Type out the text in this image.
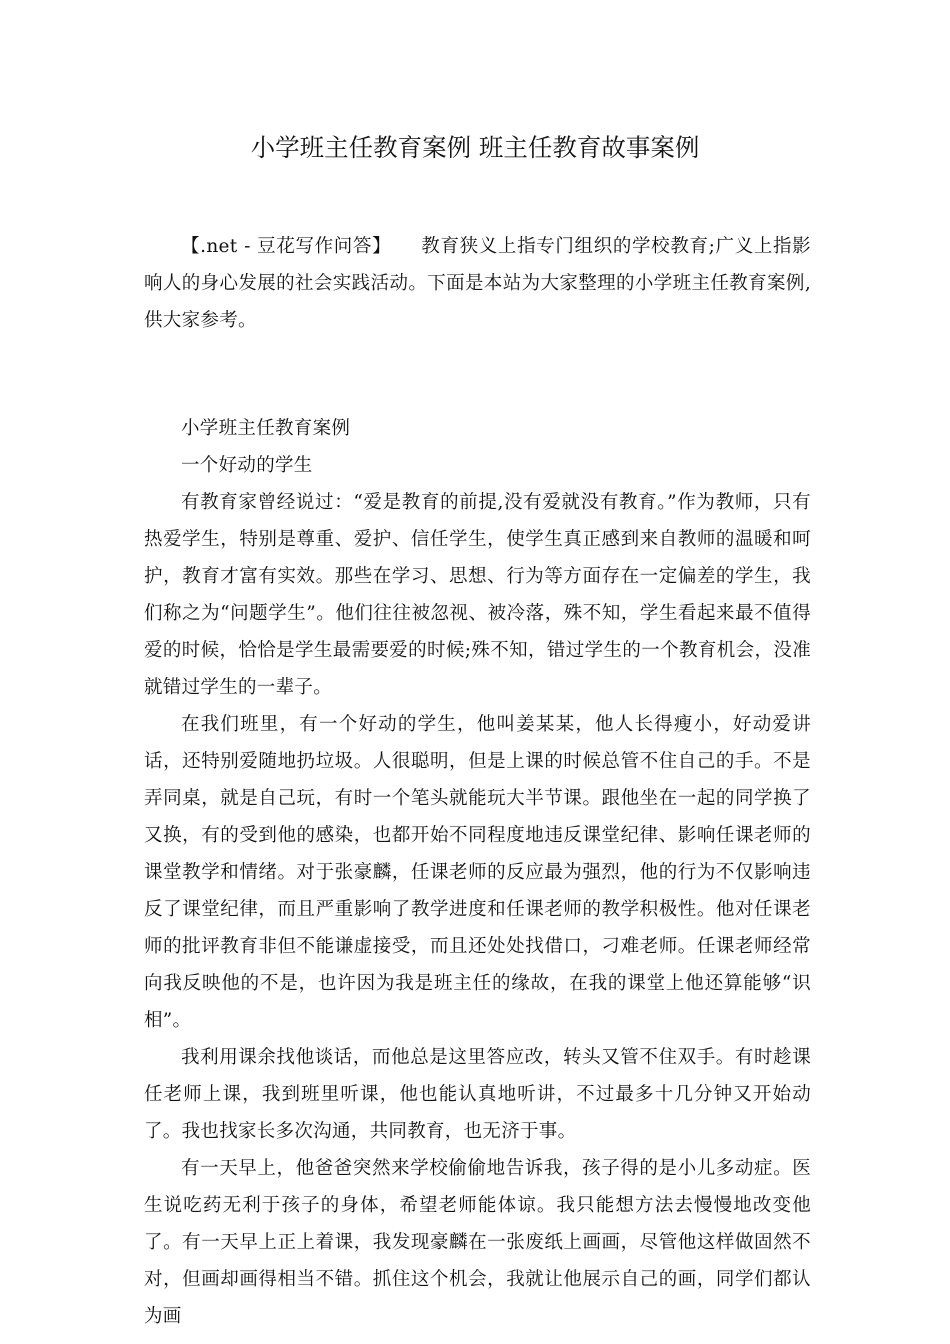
小学班主任教育案例 班主任教育故事案例

【.net - 豆花写作问答】 教育狭义上指专门组织的学校教育;广义上指影响人的身心发展的社会实践活动。下面是本站为大家整理的小学班主任教育案例,供大家参考。

小学班主任教育案例

一个好动的学生

有教育家曾经说过：“爱是教育的前提,没有爱就没有教育。”作为教师，只有热爱学生，特别是尊重、爱护、信任学生，使学生真正感到来自教师的温暖和呵护，教育才富有实效。那些在学习、思想、行为等方面存在一定偏差的学生，我们称之为“问题学生”。他们往往被忽视、被冷落，殊不知，学生看起来最不值得爱的时候，恰恰是学生最需要爱的时候;殊不知，错过学生的一个教育机会，没准就错过学生的一辈子。

在我们班里，有一个好动的学生，他叫姜某某，他人长得瘦小，好动爱讲话，还特别爱随地扔垃圾。人很聪明，但是上课的时候总管不住自己的手。不是弄同桌，就是自己玩，有时一个笔头就能玩大半节课。跟他坐在一起的同学换了又换，有的受到他的感染，也都开始不同程度地违反课堂纪律、影响任课老师的课堂教学和情绪。对于张豪麟，任课老师的反应最为强烈，他的行为不仅影响违反了课堂纪律，而且严重影响了教学进度和任课老师的教学积极性。他对任课老师的批评教育非但不能谦虚接受，而且还处处找借口，刁难老师。任课老师经常向我反映他的不是，也许因为我是班主任的缘故，在我的课堂上他还算能够“识相”。

我利用课余找他谈话，而他总是这里答应改，转头又管不住双手。有时趁课任老师上课，我到班里听课，他也能认真地听讲，不过最多十几分钟又开始动了。我也找家长多次沟通，共同教育，也无济于事。

有一天早上，他爸爸突然来学校偷偷地告诉我，孩子得的是小儿多动症。医生说吃药无利于孩子的身体，希望老师能体谅。我只能想方法去慢慢地改变他了。有一天早上正上着课，我发现豪麟在一张废纸上画画，尽管他这样做固然不对，但画却画得相当不错。抓住这个机会，我就让他展示自己的画，同学们都认为画
